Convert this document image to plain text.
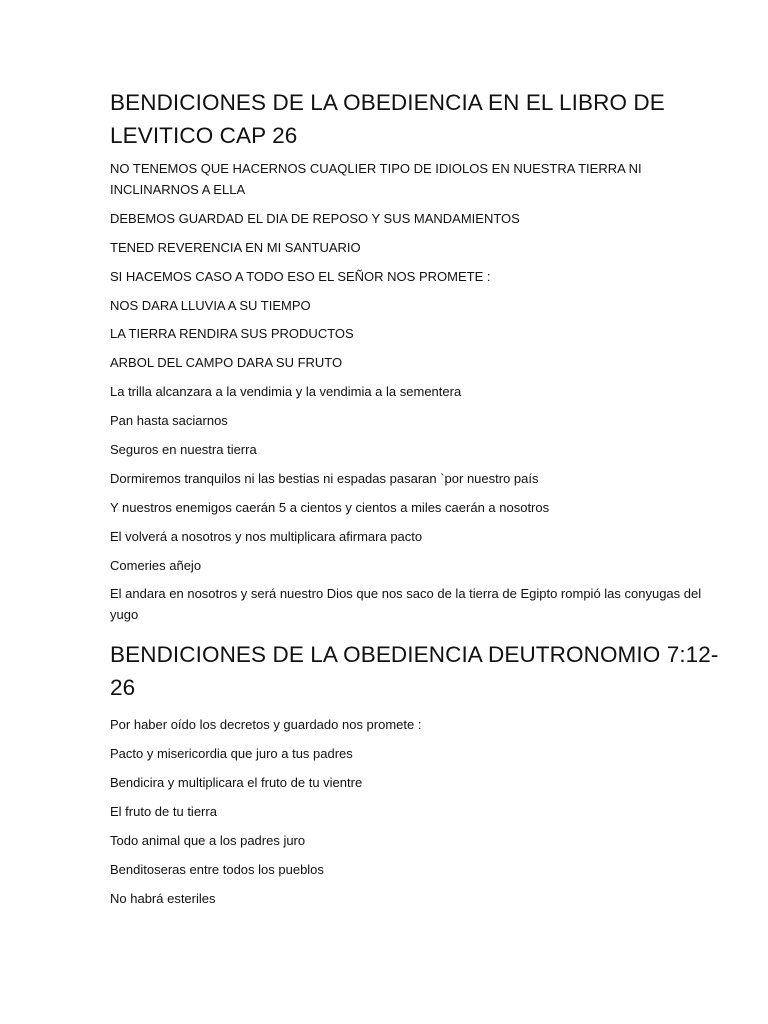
BENDICIONES DE LA OBEDIENCIA EN EL LIBRO DE LEVITICO CAP 26

NO TENEMOS QUE HACERNOS CUAQLIER TIPO DE IDIOLOS EN NUESTRA TIERRA NI INCLINARNOS A ELLA

DEBEMOS GUARDAD EL DIA DE REPOSO Y SUS MANDAMIENTOS

TENED REVERENCIA EN MI SANTUARIO

SI HACEMOS CASO A TODO ESO EL SEÑOR NOS PROMETE :

NOS DARA LLUVIA A SU TIEMPO

LA TIERRA RENDIRA SUS PRODUCTOS

ARBOL DEL CAMPO DARA SU FRUTO

La trilla alcanzara a la vendimia y la vendimia a la sementera

Pan hasta saciarnos

Seguros en nuestra tierra

Dormiremos tranquilos ni las bestias ni espadas pasaran `por nuestro país

Y nuestros enemigos caerán 5 a cientos y cientos a miles caerán a nosotros

El volverá a nosotros y nos multiplicara afirmara pacto

Comeries añejo

El andara en nosotros y será nuestro Dios que nos saco de la tierra de Egipto rompió las conyugas del yugo

BENDICIONES DE LA OBEDIENCIA DEUTRONOMIO 7:12-26

Por haber oído los decretos y guardado nos promete :

Pacto y misericordia que juro a tus padres

Bendicira y multiplicara el fruto de tu vientre

El fruto de tu tierra

Todo animal que a los padres juro

Benditoseras entre todos los pueblos

No habrá esteriles
